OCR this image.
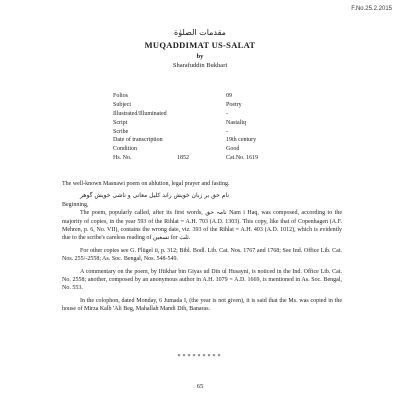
F.No.25.2.2015
مقدمات الصلوٰة
MUQADDIMAT US-SALAT
by
Sharafuddin Bukhari
Folios	09
Subject	Poetry
Illustrated/Illuminated	-
Script	Nastaliq
Scribe	-
Date of transcription	19th century
Condition	Good
Hs. No.	1852	Cat.No. 1619

The well-known Masnawi poem on ablution, legal prayer and fasting.

نام حق بر زبان خویش راند کلیل معانی و ناشی خویش گوهر

Beginning,

The poem, popularly called, after its first words, نامہ حق Nam i Haq, was composed, according to the majority of copies, in the year 593 of the Rihlat = A.H. 703 (A.D. 1303). This copy, like that of Copenhagen (A.F. Mehren, p. 6, No. VII), contains the wrong date, viz. 393 of the Rihlat = A.H. 403 (A.D. 1012), which is evidently due to the scribe's careless reading of تسعین for ثلث.

For other copies see G. Flügel ii, p. 312; Bibl. Bodl. Lib. Cat. Nos. 1767 and 1768; See Ind. Office Lib. Cat. Nos. 255/-2558; As. Soc. Bengal, Nos. 548-549.

A commentary on the poem, by Iftikhar bin Giyas ud Din ul Husayni, is noticed in the Ind. Office Lib. Cat. No. 2558; another, composed by an anonymous author in A.H. 1079 = A.D. 1669, is mentioned in As. Soc. Bengal, No. 553.

In the colophon, dated Monday, 6 Jumada I, (the year is not given), it is said that the Ms. was copied in the house of Mirza Kalb 'Ali Beg, Mahallah Mandi Dih, Banaras.

*********
65
